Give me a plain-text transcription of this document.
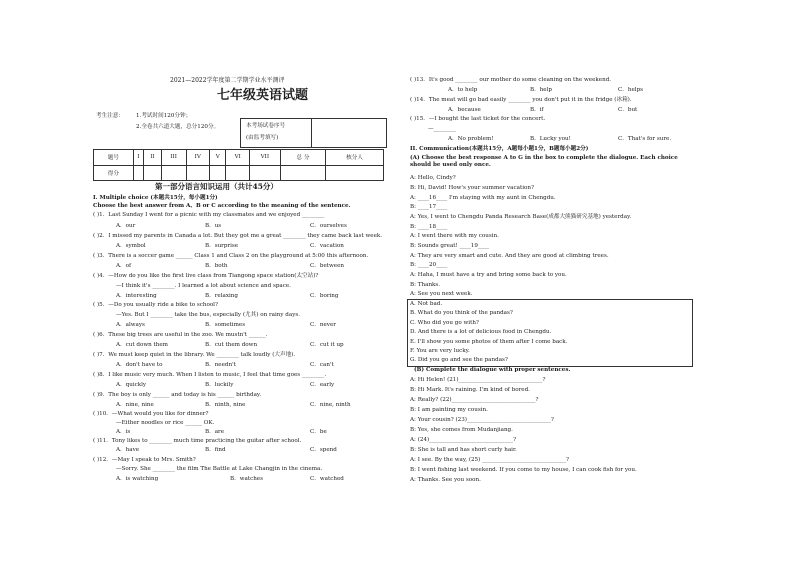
2021—2022学年度第二学期学业水平测评
七年级英语试题
考生注意： 1.考试时间120分钟；
2.全卷共六道大题，总分120分。	本考场试卷序号
(由监考填写)
题号	I	II	III	IV	V	VI	VII	总 分	核分人
得分									
第一部分语言知识运用（共计45分）
I. Multiple choice (本题共15分，每小题1分)
Choose the best answer from A、B or C according to the meaning of the sentence.
( )1．Last Sunday I went for a picnic with my classmates and we enjoyed ________
A．our	B．us	C．ourselves
( )2．I missed my parents in Canada a lot. But they got me a great ________ they came back last week.
A．symbol	B．surprise	C．vacation
( )3．There is a soccer game ______ Class 1 and Class 2 on the playground at 5:00 this afternoon.
A．of	B．both	C．between
( )4．—How do you like the first live class from Tiangong space station(太空站)?
—I think it's ________. I learned a lot about science and space.
A．interesting	B．relaxing	C．boring
( )5．—Do you usually ride a bike to school?
—Yes. But I ________ take the bus, especially (尤其) on rainy days.
A．always	B．sometimes	C．never
( )6．These big trees are useful in the zoo. We mustn't ______.
A．cut down them	B．cut them down	C．cut it up
( )7．We must keep quiet in the library. We ________ talk loudly (大声地).
A．don't have to	B．needn't	C．can't
( )8．I like music very much. When I listen to music, I feel that time goes ________.
A．quickly	B．luckily	C．early
( )9．The boy is only ______ and today is his ______ birthday.
A．nine, nine	B．ninth, nine	C．nine, ninth
( )10．—What would you like for dinner?
—Either noodles or rice ______ OK.
A．is	B．are	C．be
( )11．Tony likes to ________ much time practicing the guitar after school.
A．have	B．find	C．spend
( )12．—May I speak to Mrs. Smith?
—Sorry. She ________ the film The Battle at Lake Changjin in the cinema.
A．is watching	B．watches	C．watched
( )13．It's good ________ our mother do some cleaning on the weekend.
A．to help	B．help	C．helps
( )14．The meat will go bad easily ________ you don't put it in the fridge (冰箱).
A．because	B．if	C．but
( )15．—I bought the last ticket for the concert.
—________
A．No problem!	B．Lucky you!	C．That's for sure.
II. Communication(本题共15分，A题每小题1分，B题每小题2分)
(A) Choose the best response A to G in the box to complete the dialogue. Each choice should be used only once.
A: Hello, Cindy?
B: Hi, David! How's your summer vacation?
A: ____16____ I'm staying with my aunt in Chengdu.
B: ____17____
A: Yes, I went to Chengdu Panda Research Base(成都大熊猫研究基地) yesterday.
B: ____18____
A: I went there with my cousin.
B: Sounds great! ____19____
A: They are very smart and cute. And they are good at climbing trees.
B: ____20____
A: Haha, I must have a try and bring some back to you.
B: Thanks.
A: See you next week.
A. Not bad.
B. What do you think of the pandas?
C. Who did you go with?
D. And there is a lot of delicious food in Chengdu.
E. I'll show you some photos of them after I come back.
F. You are very lucky.
G. Did you go and see the pandas?
(B) Complete the dialogue with proper sentences.
A: Hi Helen! (21)______________________________?
B: Hi Mark. It's raining. I'm kind of bored.
A: Really? (22)______________________________?
B: I am painting my cousin.
A: Your cousin? (23)______________________________?
B: Yes, she comes from Mudanjiang.
A: (24)______________________________?
B: She is tall and has short curly hair.
A: I see. By the way, (25) ______________________________?
B: I went fishing last weekend. If you come to my house, I can cook fish for you.
A: Thanks. See you soon.
